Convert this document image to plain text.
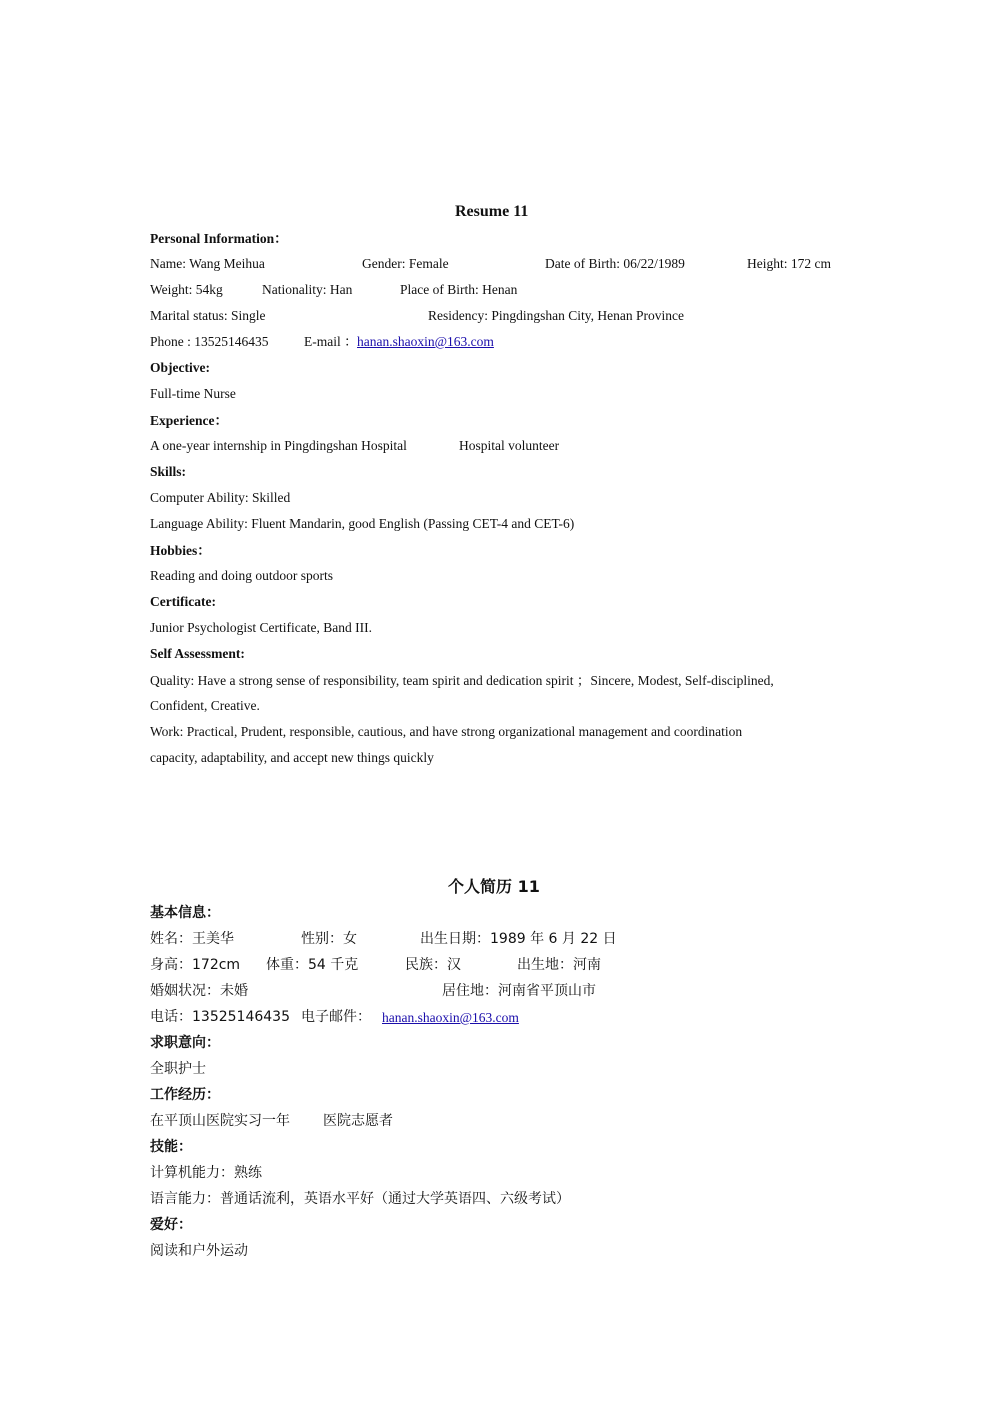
Resume 11
Personal Information：
Name: Wang Meihua	Gender: Female	Date of Birth: 06/22/1989	Height: 172 cm
Weight: 54kg	Nationality: Han	Place of Birth: Henan
Marital status: Single	Residency: Pingdingshan City, Henan Province
Phone : 13525146435	E-mail ： hanan.shaoxin@163.com
Objective:
Full-time Nurse
Experience：
A one-year internship in Pingdingshan Hospital	Hospital volunteer
Skills:
Computer Ability: Skilled
Language Ability: Fluent Mandarin, good English (Passing CET-4 and CET-6)
Hobbies：
Reading and doing outdoor sports
Certificate:
Junior Psychologist Certificate, Band III.
Self Assessment:
Quality: Have a strong sense of responsibility, team spirit and dedication spirit ；Sincere, Modest, Self-disciplined,
Confident, Creative.
Work: Practical, Prudent, responsible, cautious, and have strong organizational management and coordination
capacity, adaptability, and accept new things quickly
个人简历 11
基本信息：
姓名：王美华	性别：女	出生日期：1989 年 6 月 22 日
身高：172cm 体重：54 千克	民族：汉	出生地：河南
婚姻状况：未婚	居住地：河南省平顶山市
电话：13525146435 电子邮件： hanan.shaoxin@163.com
求职意向：
全职护士
工作经历：
在平顶山医院实习一年 医院志愿者
技能：
计算机能力：熟练
语言能力：普通话流利，英语水平好（通过大学英语四、六级考试）
爱好：
阅读和户外运动
